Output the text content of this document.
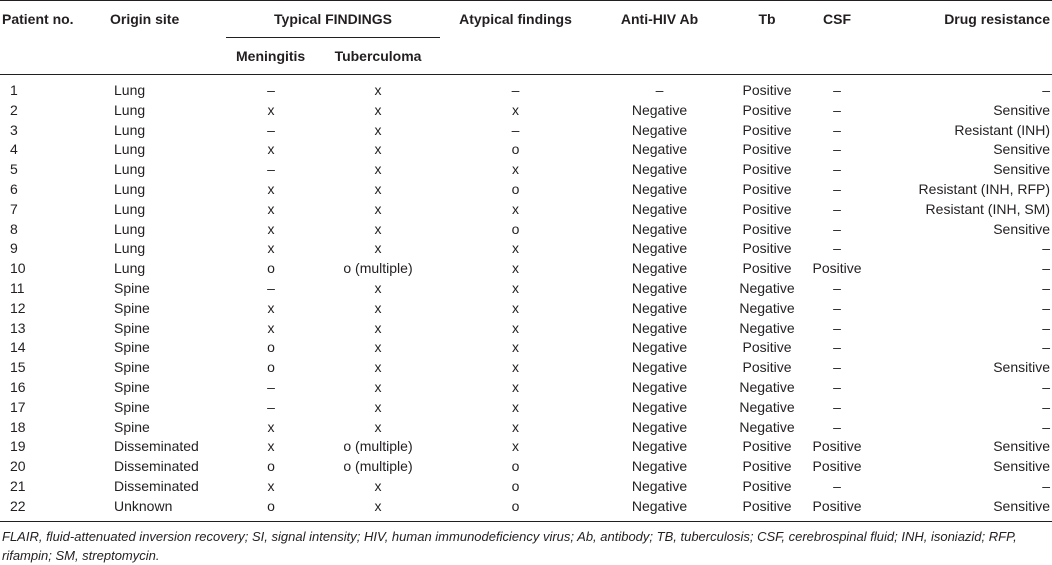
Patient no.	Origin site	Typical FINDINGS		Atypical findings	Anti-HIV Ab	Tb	CSF	Drug resistance
		Meningitis	Tuberculoma					
1	Lung	–	x	–	–	Positive	–	–
2	Lung	x	x	x	Negative	Positive	–	Sensitive
3	Lung	–	x	–	Negative	Positive	–	Resistant (INH)
4	Lung	x	x	o	Negative	Positive	–	Sensitive
5	Lung	–	x	x	Negative	Positive	–	Sensitive
6	Lung	x	x	o	Negative	Positive	–	Resistant (INH, RFP)
7	Lung	x	x	x	Negative	Positive	–	Resistant (INH, SM)
8	Lung	x	x	o	Negative	Positive	–	Sensitive
9	Lung	x	x	x	Negative	Positive	–	–
10	Lung	o	o (multiple)	x	Negative	Positive	Positive	–
11	Spine	–	x	x	Negative	Negative	–	–
12	Spine	x	x	x	Negative	Negative	–	–
13	Spine	x	x	x	Negative	Negative	–	–
14	Spine	o	x	x	Negative	Positive	–	–
15	Spine	o	x	x	Negative	Positive	–	Sensitive
16	Spine	–	x	x	Negative	Negative	–	–
17	Spine	–	x	x	Negative	Negative	–	–
18	Spine	x	x	x	Negative	Negative	–	–
19	Disseminated	x	o (multiple)	x	Negative	Positive	Positive	Sensitive
20	Disseminated	o	o (multiple)	o	Negative	Positive	Positive	Sensitive
21	Disseminated	x	x	o	Negative	Positive	–	–
22	Unknown	o	x	o	Negative	Positive	Positive	Sensitive
FLAIR, fluid-attenuated inversion recovery; SI, signal intensity; HIV, human immunodeficiency virus; Ab, antibody; TB, tuberculosis; CSF, cerebrospinal fluid; INH, isoniazid; RFP, rifampin; SM, streptomycin.
